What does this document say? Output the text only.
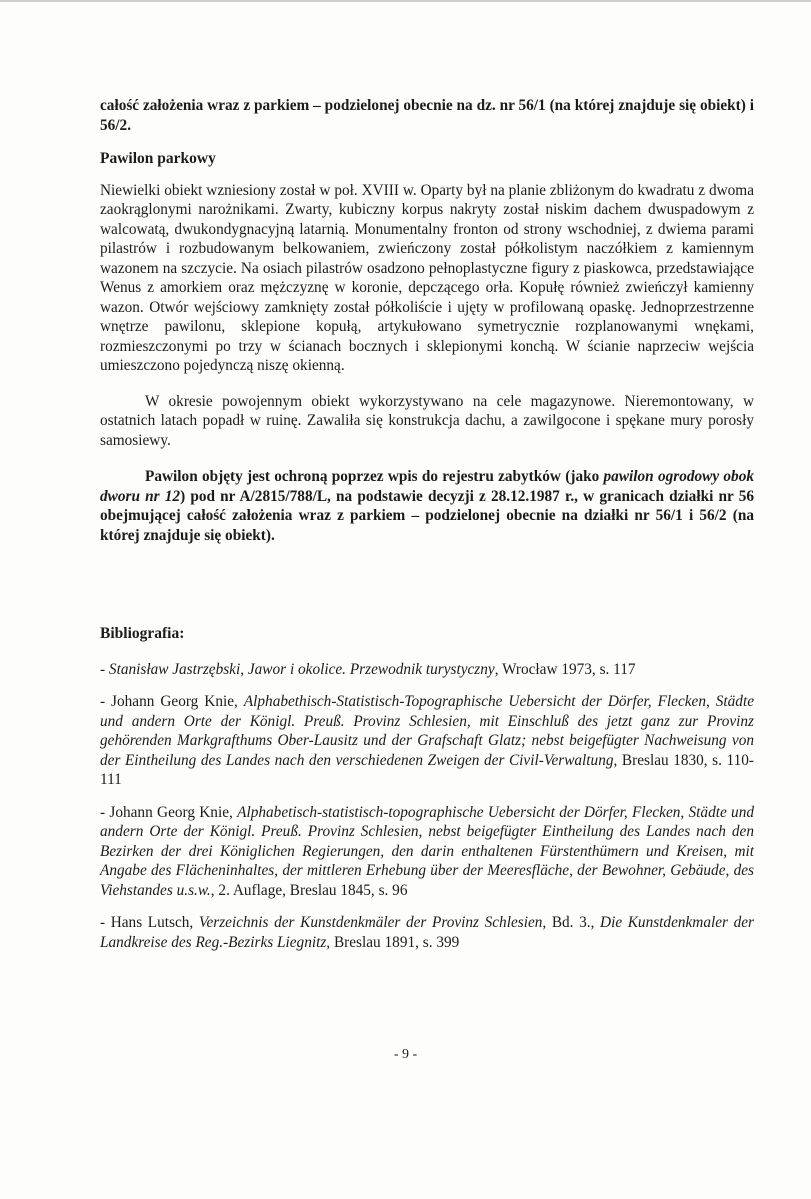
całość założenia wraz z parkiem – podzielonej obecnie na dz. nr 56/1 (na której znajduje się obiekt) i 56/2.

Pawilon parkowy

Niewielki obiekt wzniesiony został w poł. XVIII w. Oparty był na planie zbliżonym do kwadratu z dwoma zaokrąglonymi narożnikami. Zwarty, kubiczny korpus nakryty został niskim dachem dwuspadowym z walcowatą, dwukondygnacyjną latarnią. Monumentalny fronton od strony wschodniej, z dwiema parami pilastrów i rozbudowanym belkowaniem, zwieńczony został półkolistym naczółkiem z kamiennym wazonem na szczycie. Na osiach pilastrów osadzono pełnoplastyczne figury z piaskowca, przedstawiające Wenus z amorkiem oraz mężczyznę w koronie, depczącego orła. Kopułę również zwieńczył kamienny wazon. Otwór wejściowy zamknięty został półkoliście i ujęty w profilowaną opaskę. Jednoprzestrzenne wnętrze pawilonu, sklepione kopułą, artykułowano symetrycznie rozplanowanymi wnękami, rozmieszczonymi po trzy w ścianach bocznych i sklepionymi konchą. W ścianie naprzeciw wejścia umieszczono pojedynczą niszę okienną.

W okresie powojennym obiekt wykorzystywano na cele magazynowe. Nieremontowany, w ostatnich latach popadł w ruinę. Zawaliła się konstrukcja dachu, a zawilgocone i spękane mury porosły samosiewy.

Pawilon objęty jest ochroną poprzez wpis do rejestru zabytków (jako pawilon ogrodowy obok dworu nr 12) pod nr A/2815/788/L, na podstawie decyzji z 28.12.1987 r., w granicach działki nr 56 obejmującej całość założenia wraz z parkiem – podzielonej obecnie na działki nr 56/1 i 56/2 (na której znajduje się obiekt).

Bibliografia:

- Stanisław Jastrzębski, Jawor i okolice. Przewodnik turystyczny, Wrocław 1973, s. 117

- Johann Georg Knie, Alphabethisch-Statistisch-Topographische Uebersicht der Dörfer, Flecken, Städte und andern Orte der Königl. Preuß. Provinz Schlesien, mit Einschluß des jetzt ganz zur Provinz gehörenden Markgrafthums Ober-Lausitz und der Grafschaft Glatz; nebst beigefügter Nachweisung von der Eintheilung des Landes nach den verschiedenen Zweigen der Civil-Verwaltung, Breslau 1830, s. 110-111

- Johann Georg Knie, Alphabetisch-statistisch-topographische Uebersicht der Dörfer, Flecken, Städte und andern Orte der Königl. Preuß. Provinz Schlesien, nebst beigefügter Eintheilung des Landes nach den Bezirken der drei Königlichen Regierungen, den darin enthaltenen Fürstenthümern und Kreisen, mit Angabe des Flächeninhaltes, der mittleren Erhebung über der Meeresfläche, der Bewohner, Gebäude, des Viehstandes u.s.w., 2. Auflage, Breslau 1845, s. 96

- Hans Lutsch, Verzeichnis der Kunstdenkmäler der Provinz Schlesien, Bd. 3., Die Kunstdenkmaler der Landkreise des Reg.-Bezirks Liegnitz, Breslau 1891, s. 399

- 9 -
